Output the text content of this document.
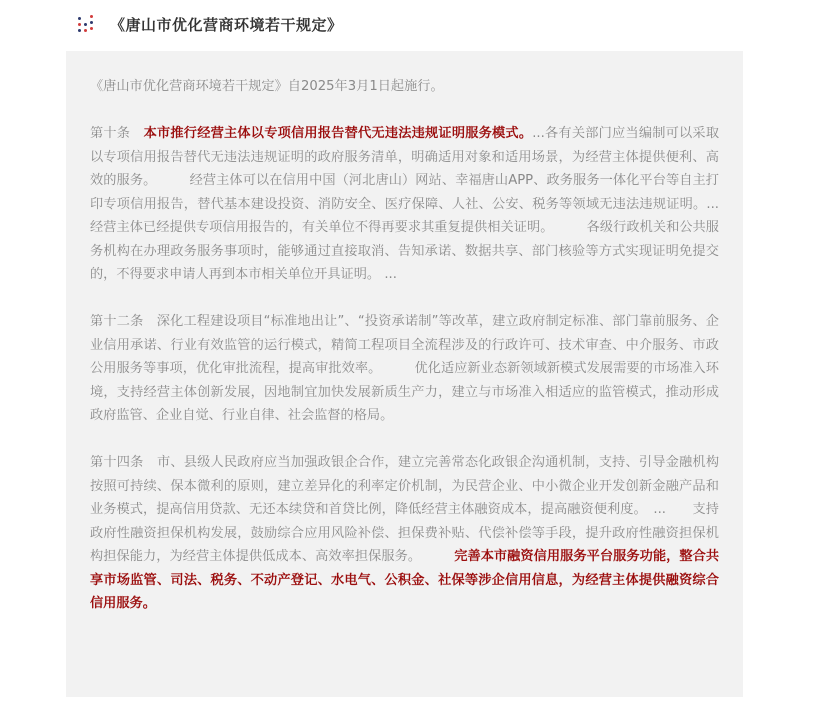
《唐山市优化营商环境若干规定》

《唐山市优化营商环境若干规定》自2025年3月1日起施行。

第十条　 本市推行经营主体以专项信用报告替代无违法违规证明服务模式。...各有关部门应当编制可以采取以专项信用报告替代无违法违规证明的政府服务清单，明确适用对象和适用场景，为经营主体提供便利、高效的服务。　　　经营主体可以在信用中国（河北唐山）网站、幸福唐山APP、政务服务一体化平台等自主打印专项信用报告，替代基本建设投资、消防安全、医疗保障、人社、公安、税务等领域无违法违规证明。...经营主体已经提供专项信用报告的，有关单位不得再要求其重复提供相关证明。　　　各级行政机关和公共服务机构在办理政务服务事项时，能够通过直接取消、告知承诺、数据共享、部门核验等方式实现证明免提交的，不得要求申请人再到本市相关单位开具证明。 ...

第十二条　 深化工程建设项目“标准地出让”、“投资承诺制”等改革，建立政府制定标准、部门靠前服务、企业信用承诺、行业有效监管的运行模式，精简工程项目全流程涉及的行政许可、技术审查、中介服务、市政公用服务等事项，优化审批流程，提高审批效率。　　　优化适应新业态新领域新模式发展需要的市场准入环境，支持经营主体创新发展，因地制宜加快发展新质生产力，建立与市场准入相适应的监管模式，推动形成政府监管、企业自觉、行业自律、社会监督的格局。

第十四条　 市、县级人民政府应当加强政银企合作，建立完善常态化政银企沟通机制，支持、引导金融机构按照可持续、保本微利的原则，建立差异化的利率定价机制，为民营企业、中小微企业开发创新金融产品和业务模式，提高信用贷款、无还本续贷和首贷比例，降低经营主体融资成本，提高融资便利度。　...　　支持政府性融资担保机构发展，鼓励综合应用风险补偿、担保费补贴、代偿补偿等手段，提升政府性融资担保机构担保能力，为经营主体提供低成本、高效率担保服务。　　　完善本市融资信用服务平台服务功能，整合共享市场监管、司法、税务、不动产登记、水电气、公积金、社保等涉企信用信息，为经营主体提供融资综合信用服务。
